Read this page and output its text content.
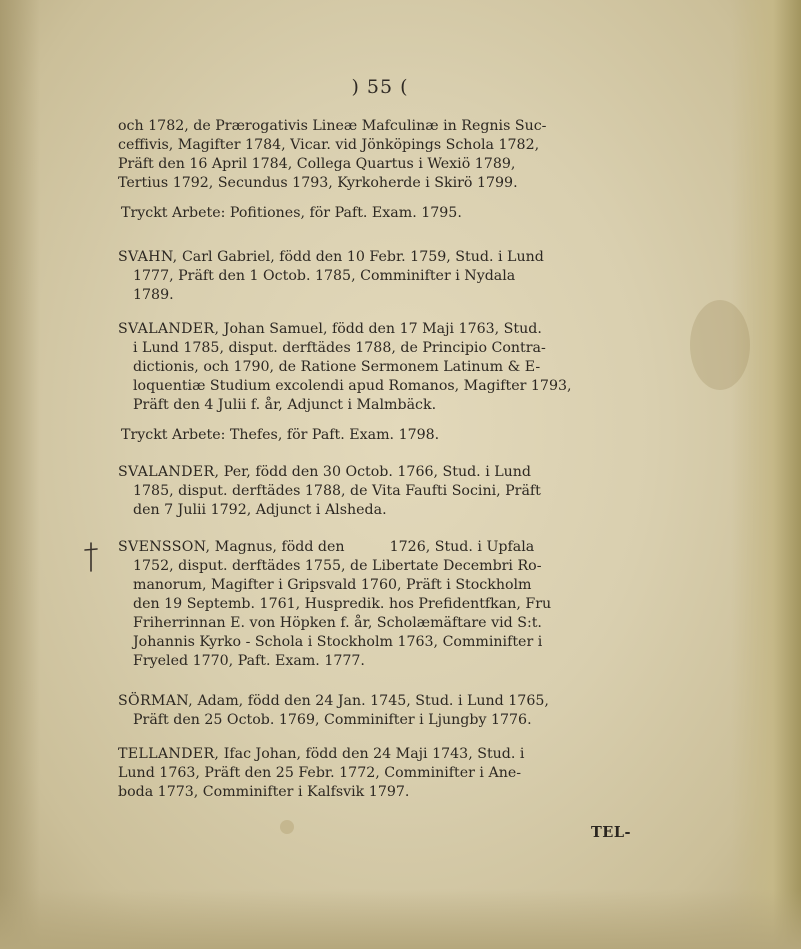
) 55 (
och 1782, de Prærogativis Lineæ Mafculinæ in Regnis Suc-
ceffivis, Magifter 1784, Vicar. vid Jönköpings Schola 1782,
Präft den 16 April 1784, Collega Quartus i Wexiö 1789,
Tertius 1792, Secundus 1793, Kyrkoherde i Skirö 1799.
Tryckt Arbete: Pofitiones, för Paft. Exam. 1795.
SVAHN, Carl Gabriel, född den 10 Febr. 1759, Stud. i Lund
1777, Präft den 1 Octob. 1785, Comminifter i Nydala
1789.
SVALANDER, Johan Samuel, född den 17 Maji 1763, Stud.
i Lund 1785, disput. derftädes 1788, de Principio Contra-
dictionis, och 1790, de Ratione Sermonem Latinum & E-
loquentiæ Studium excolendi apud Romanos, Magifter 1793,
Präft den 4 Julii f. år, Adjunct i Malmbäck.
Tryckt Arbete: Thefes, för Paft. Exam. 1798.
SVALANDER, Per, född den 30 Octob. 1766, Stud. i Lund
1785, disput. derftädes 1788, de Vita Faufti Socini, Präft
den 7 Julii 1792, Adjunct i Alsheda.
SVENSSON, Magnus, född den          1726, Stud. i Upfala
1752, disput. derftädes 1755, de Libertate Decembri Ro-
manorum, Magifter i Gripsvald 1760, Präft i Stockholm
den 19 Septemb. 1761, Huspredik. hos Prefidentfkan, Fru
Friherrinnan E. von Höpken f. år, Scholæmäftare vid S:t.
Johannis Kyrko - Schola i Stockholm 1763, Comminifter i
Fryeled 1770, Paft. Exam. 1777.
SÖRMAN, Adam, född den 24 Jan. 1745, Stud. i Lund 1765,
Präft den 25 Octob. 1769, Comminifter i Ljungby 1776.
TELLANDER, Ifac Johan, född den 24 Maji 1743, Stud. i
Lund 1763, Präft den 25 Febr. 1772, Comminifter i Ane-
boda 1773, Comminifter i Kalfsvik 1797.
TEL-
